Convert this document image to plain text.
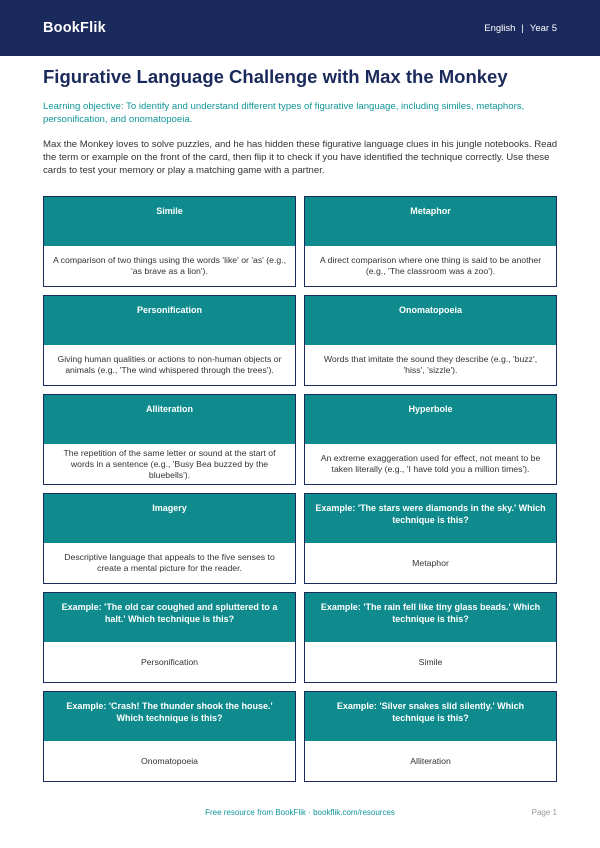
BookFlik	English | Year 5
Figurative Language Challenge with Max the Monkey

Learning objective: To identify and understand different types of figurative language, including similes, metaphors, personification, and onomatopoeia.

Max the Monkey loves to solve puzzles, and he has hidden these figurative language clues in his jungle notebooks. Read the term or example on the front of the card, then flip it to check if you have identified the technique correctly. Use these cards to test your memory or play a matching game with a partner.

Simile
A comparison of two things using the words 'like' or 'as' (e.g., 'as brave as a lion').
Metaphor
A direct comparison where one thing is said to be another (e.g., 'The classroom was a zoo').
Personification
Giving human qualities or actions to non-human objects or animals (e.g., 'The wind whispered through the trees').
Onomatopoeia
Words that imitate the sound they describe (e.g., 'buzz', 'hiss', 'sizzle').
Alliteration
The repetition of the same letter or sound at the start of words in a sentence (e.g., 'Busy Bea buzzed by the bluebells').
Hyperbole
An extreme exaggeration used for effect, not meant to be taken literally (e.g., 'I have told you a million times').
Imagery
Descriptive language that appeals to the five senses to create a mental picture for the reader.
Example: 'The stars were diamonds in the sky.' Which technique is this?
Metaphor
Example: 'The old car coughed and spluttered to a halt.' Which technique is this?
Personification
Example: 'The rain fell like tiny glass beads.' Which technique is this?
Simile
Example: 'Crash! The thunder shook the house.' Which technique is this?
Onomatopoeia
Example: 'Silver snakes slid silently.' Which technique is this?
Alliteration
Free resource from BookFlik · bookflik.com/resources	Page 1
